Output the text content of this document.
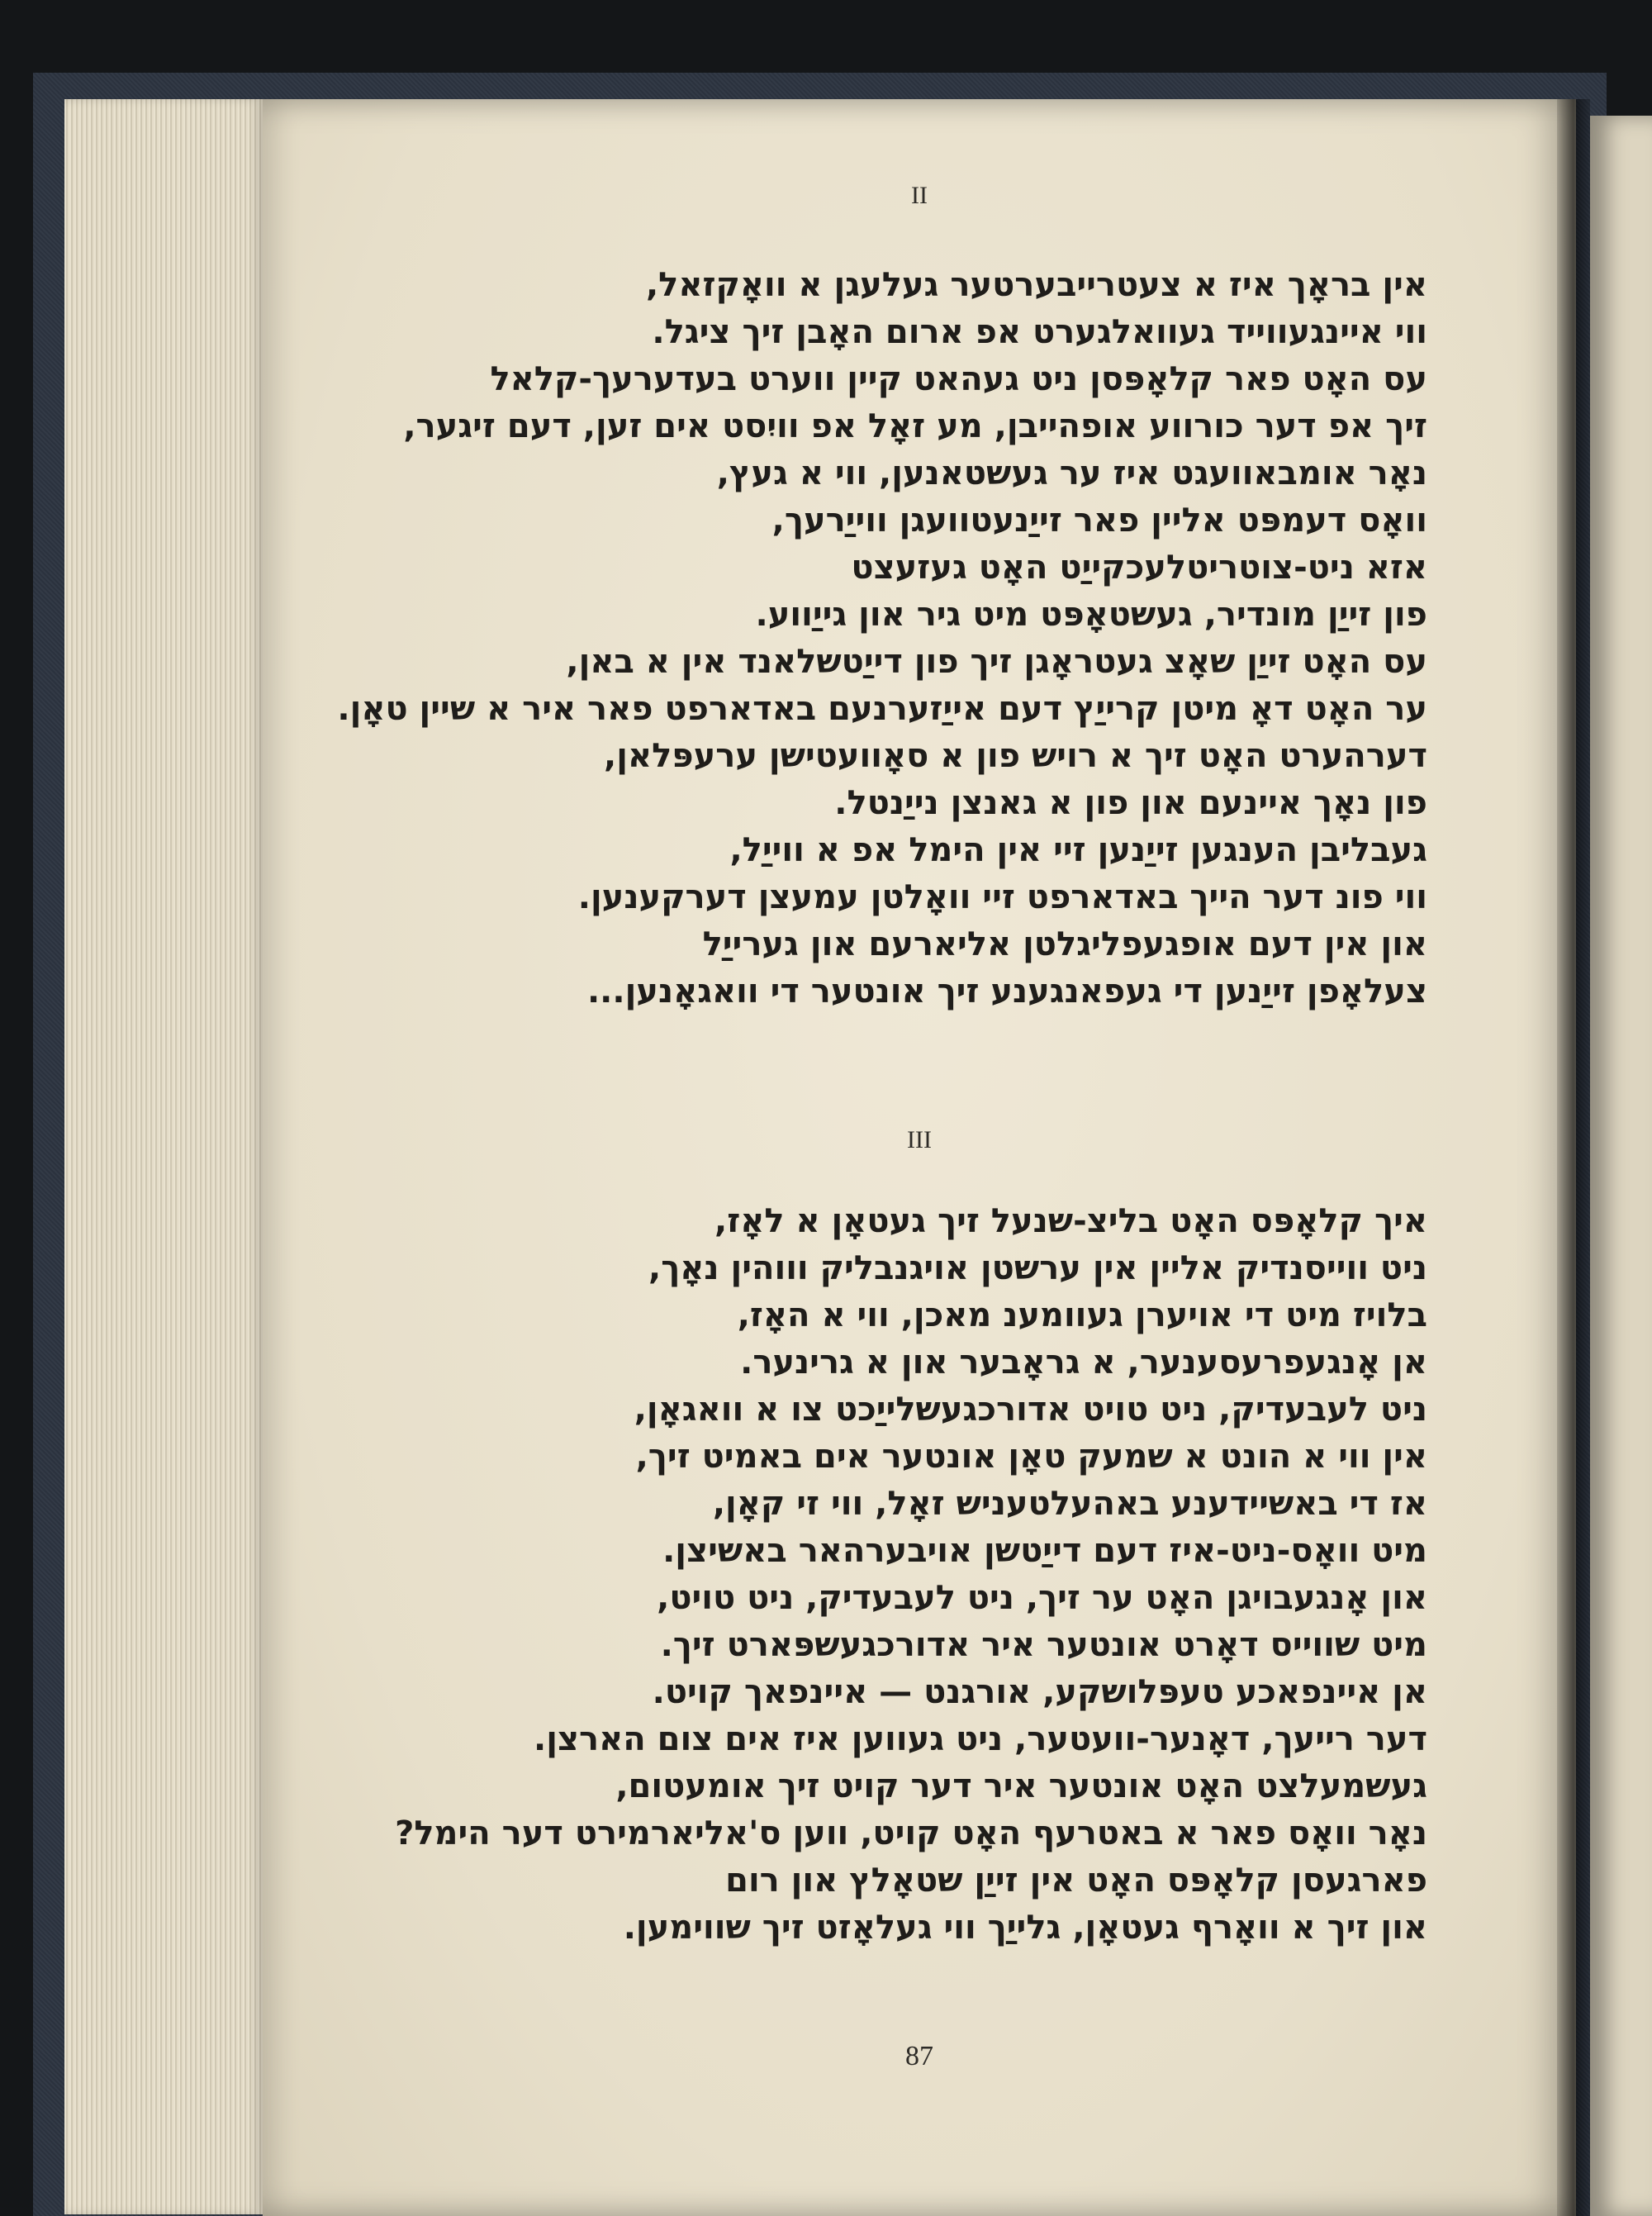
II
אין בראָך איז א צעטרייבערטער געלעגן א וואָקזאל,
ווי איינגעווייד געוואלגערט אפ ארום האָבן זיך ציגל.
עס האָט פאר קלאָפּסן ניט געהאט קיין ווערט בעדערעך-קלאל
זיך אפ דער כורווע אופהייבן, מע זאָל אפ וויִסט אים זען, דעם זיגער,
נאָר אומבאוועגט איז ער געשטאנען, ווי א געץ,
וואָס דעמפּט אליין פאר זייַנעטוועגן ווייַרעך,
אזא ניט-צוטריטלעכקייַט האָט געזעצט
פון זייַן מונדיר, געשטאָפּט מיט גיר און גייַווע.
עס האָט זייַן שאָצ געטראָגן זיך פון דייַטשלאנד אין א באן,
ער האָט דאָ מיטן קרייַץ דעם אייַזערנעם באדארפט פאר איר א שיין טאָן.
דערהערט האָט זיך א רויש פון א סאָוועטישן ערעפּלאן,
פון נאָך איינעם און פון א גאנצן נייַנטל.
געבליבן הענגען זייַנען זיי אין הימל אפ א ווייַל,
ווי פונ דער הייך באדארפט זיי וואָלטן עמעצן דערקענען.
און אין דעם אופגעפליגלטן אליארעם און גערייַל
צעלאָפן זייַנען די געפאנגענע זיך אונטער די וואגאָנען...
III
איך קלאָפּס האָט בליצ-שנעל זיך געטאָן א לאָז,
ניט ווייסנדיק אליין אין ערשטן אויגנבליק וווהין נאָך,
בלויז מיט די אויערן געוומענ מאכן, ווי א האָז,
אן אָנגעפרעסענער, א גראָבער און א גרינער.
ניט לעבעדיק, ניט טויט אדורכגעשלייַכט צו א וואגאָן,
אין ווי א הונט א שמעק טאָן אונטער אים באמיט זיך,
אז די באשיידענע באהעלטעניש זאָל, ווי זי קאָן,
מיט וואָס-ניט-איז דעם דייַטשן אויבערהאר באשיצן.
און אָנגעבויגן האָט ער זיך, ניט לעבעדיק, ניט טויט,
מיט שווייס דאָרט אונטער איר אדורכגעשפּארט זיך.
אן איינפאכע טעפּלושקע, אורגנט — איינפאך קויט.
דער רייעך, דאָנער-וועטער, ניט געווען איז אים צום הארצן.
געשמעלצט האָט אונטער איר דער קויט זיך אומעטום,
נאָר וואָס פאר א באטרעף האָט קויט, ווען ס'אליארמירט דער הימל?
פארגעסן קלאָפּס האָט אין זייַן שטאָלץ און רום
און זיך א וואָרף געטאָן, גלייַך ווי געלאָזט זיך שווימען.
87
